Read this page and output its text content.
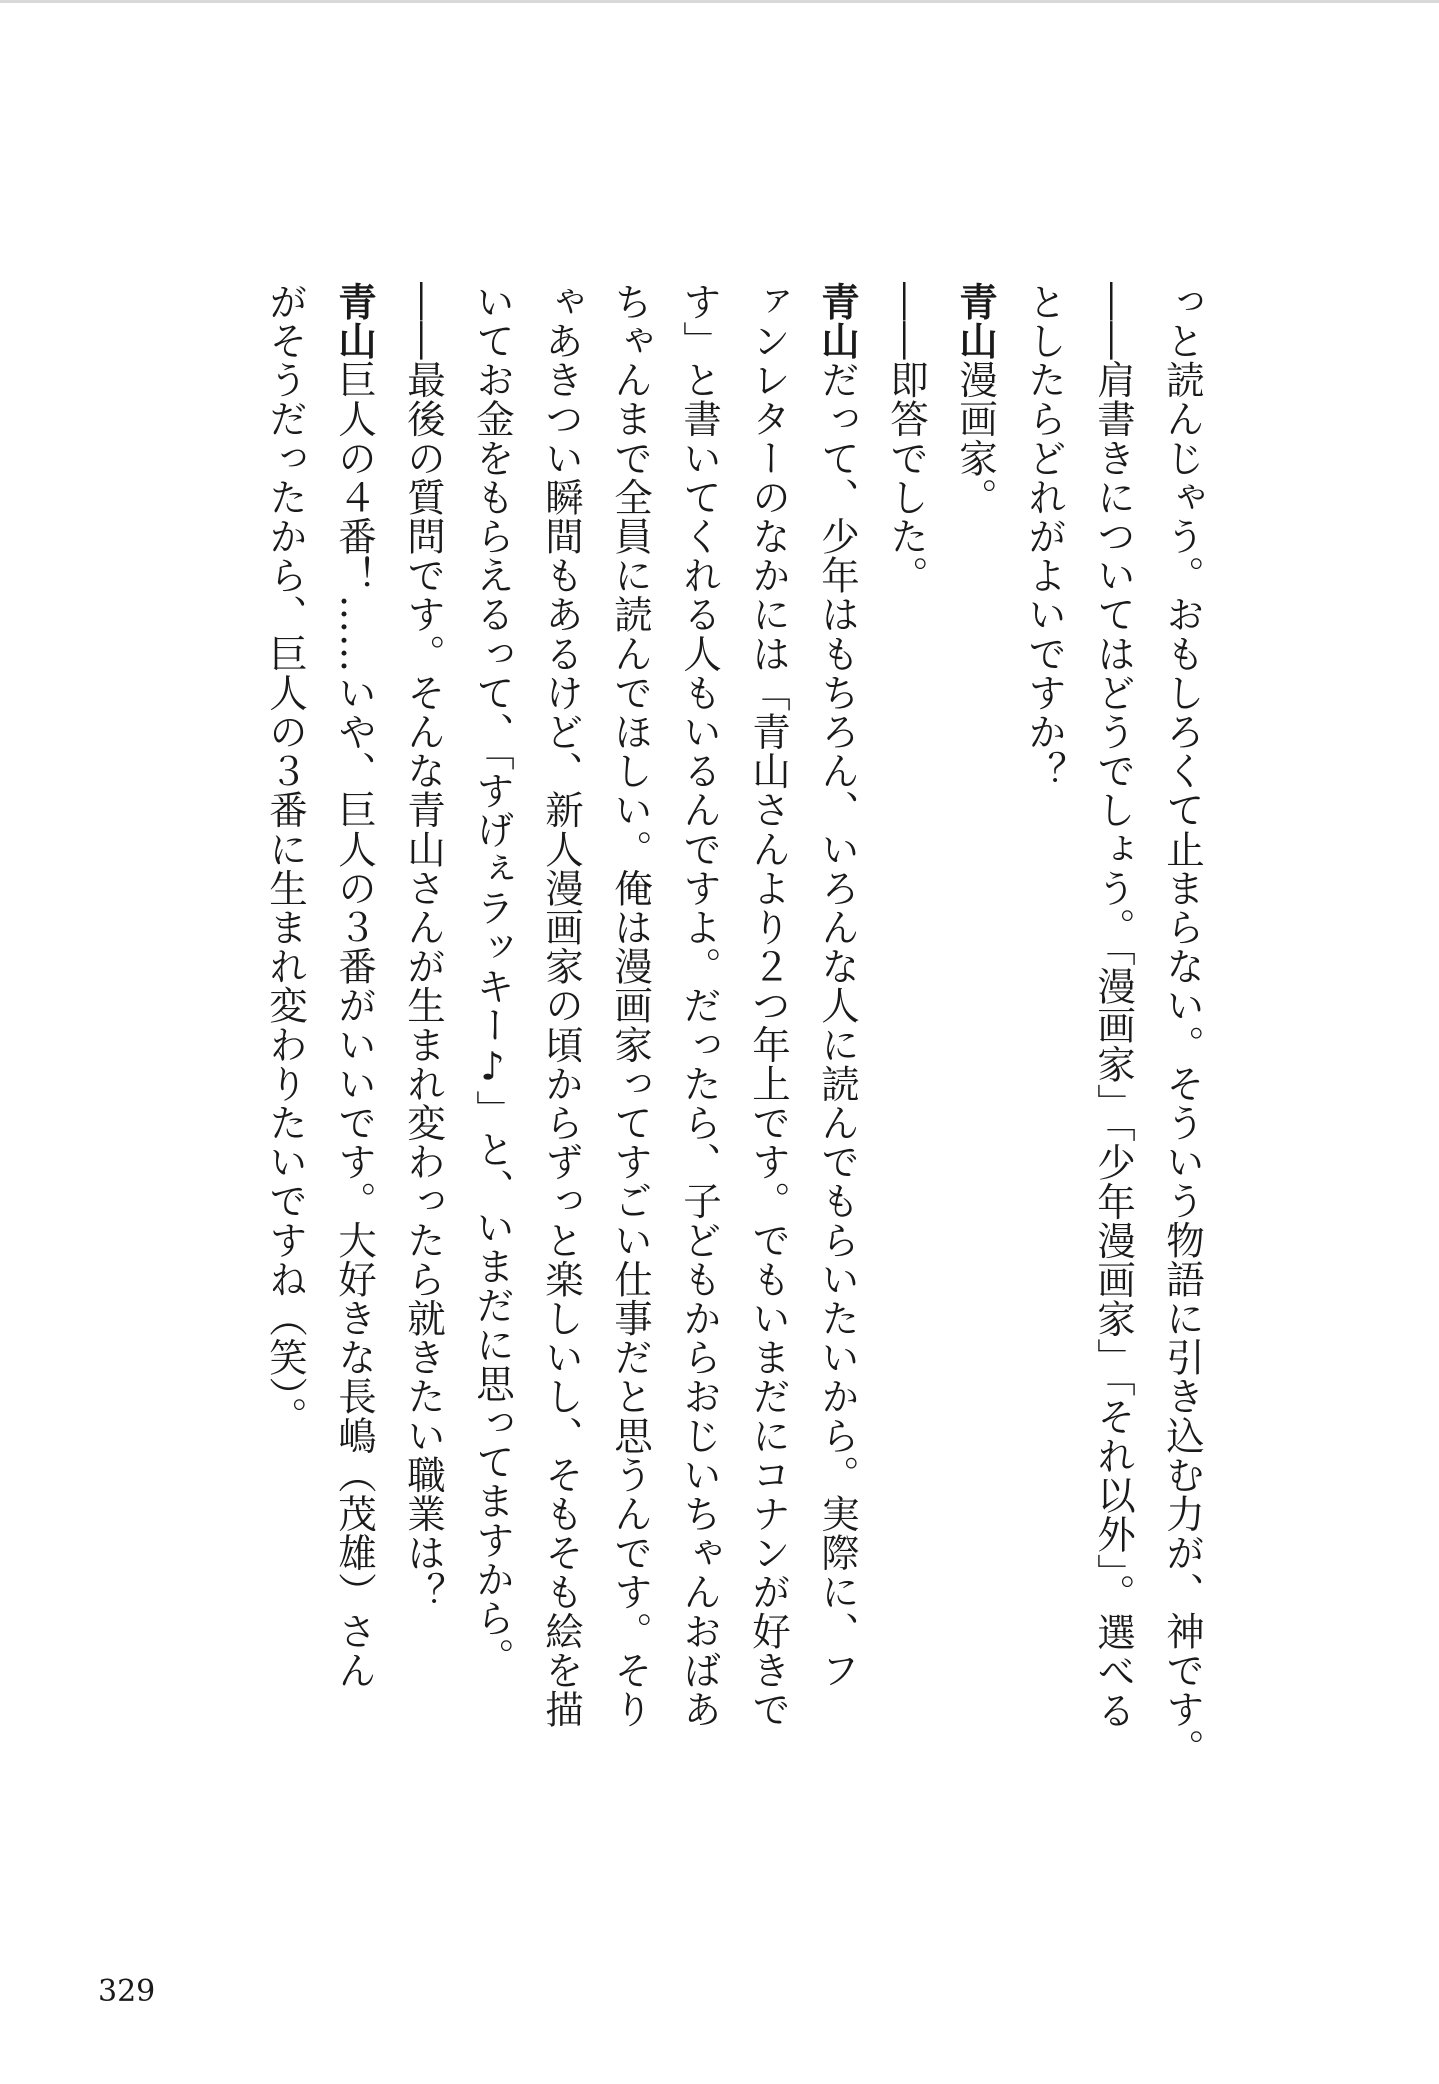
っと読んじゃう。おもしろくて止まらない。そういう物語に引き込む力が、神です。
――肩書きについてはどうでしょう。「漫画家」「少年漫画家」「それ以外」。選べる
としたらどれがよいですか？
青山漫画家。
――即答でした。
青山だって、少年はもちろん、いろんな人に読んでもらいたいから。実際に、フ
ァンレターのなかには「青山さんより２つ年上です。でもいまだにコナンが好きで
す」と書いてくれる人もいるんですよ。だったら、子どもからおじいちゃんおばあ
ちゃんまで全員に読んでほしい。俺は漫画家ってすごい仕事だと思うんです。そり
ゃあきつい瞬間もあるけど、新人漫画家の頃からずっと楽しいし、そもそも絵を描
いてお金をもらえるって、「すげぇラッキー♪」と、いまだに思ってますから。
――最後の質問です。そんな青山さんが生まれ変わったら就きたい職業は？
青山巨人の４番！……いや、巨人の３番がいいです。大好きな長嶋（茂雄）さん
がそうだったから、巨人の３番に生まれ変わりたいですね（笑）。
329
